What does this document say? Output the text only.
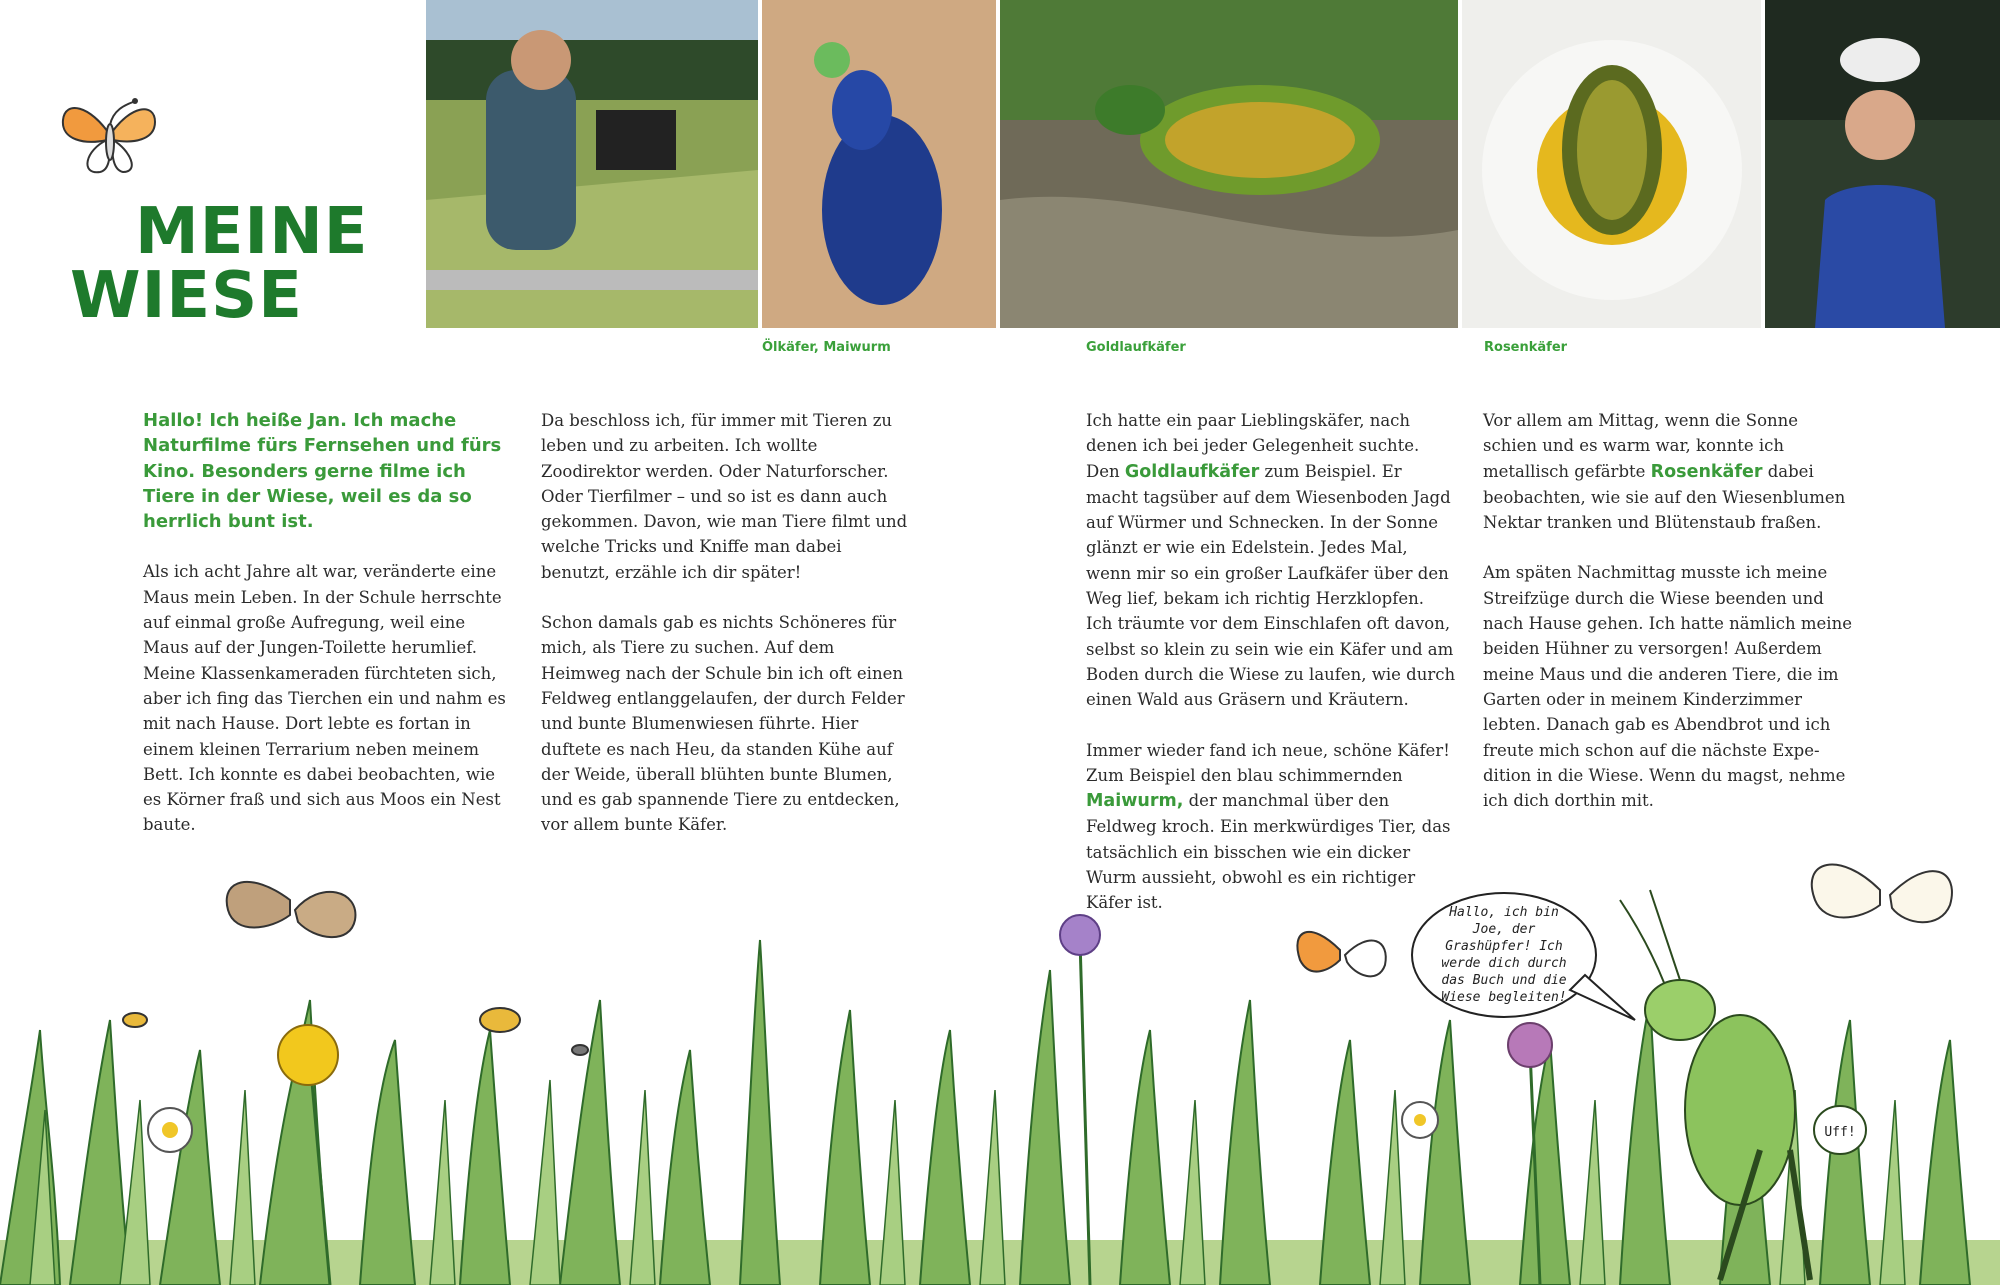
MEINE
WIESE
Ölkäfer, Maiwurm	Goldlaufkäfer	Rosenkäfer

Hallo! Ich heiße Jan. Ich mache Naturfilme fürs Fernsehen und fürs Kino. Besonders gerne filme ich Tiere in der Wiese, weil es da so herrlich bunt ist.

Als ich acht Jahre alt war, veränderte eine Maus mein Leben. In der Schule herrschte auf einmal große Aufregung, weil eine Maus auf der Jungen-Toilette herumlief. Meine Klassenkameraden fürchteten sich, aber ich fing das Tierchen ein und nahm es mit nach Hause. Dort lebte es fortan in einem kleinen Terrarium neben meinem Bett. Ich konnte es dabei beobachten, wie es Körner fraß und sich aus Moos ein Nest baute.

Da beschloss ich, für immer mit Tieren zu leben und zu arbeiten. Ich wollte Zoodirektor werden. Oder Naturforscher. Oder Tierfilmer – und so ist es dann auch gekommen. Davon, wie man Tiere filmt und welche Tricks und Kniffe man dabei benutzt, erzähle ich dir später!

Schon damals gab es nichts Schöneres für mich, als Tiere zu suchen. Auf dem Heimweg nach der Schule bin ich oft einen Feldweg entlanggelaufen, der durch Felder und bunte Blumenwiesen führte. Hier duftete es nach Heu, da standen Kühe auf der Weide, überall blühten bunte Blumen, und es gab spannende Tiere zu entdecken, vor allem bunte Käfer.

Ich hatte ein paar Lieblingskäfer, nach denen ich bei jeder Gelegenheit suchte. Den Goldlaufkäfer zum Beispiel. Er macht tagsüber auf dem Wiesenboden Jagd auf Würmer und Schnecken. In der Sonne glänzt er wie ein Edelstein. Jedes Mal, wenn mir so ein großer Laufkäfer über den Weg lief, bekam ich richtig Herzklopfen.
Ich träumte vor dem Einschlafen oft davon, selbst so klein zu sein wie ein Käfer und am Boden durch die Wiese zu laufen, wie durch einen Wald aus Gräsern und Kräutern.

Immer wieder fand ich neue, schöne Käfer! Zum Beispiel den blau schimmernden Maiwurm, der manchmal über den Feldweg kroch. Ein merkwürdiges Tier, das tatsächlich ein bisschen wie ein dicker Wurm aussieht, obwohl es ein richtiger Käfer ist.

Vor allem am Mittag, wenn die Sonne schien und es warm war, konnte ich metallisch gefärbte Rosenkäfer dabei beobachten, wie sie auf den Wiesenblumen Nektar tranken und Blütenstaub fraßen.

Am späten Nachmittag musste ich meine Streifzüge durch die Wiese beenden und nach Hause gehen. Ich hatte nämlich meine beiden Hühner zu versorgen! Außerdem meine Maus und die anderen Tiere, die im Garten oder in meinem Kinderzimmer lebten. Danach gab es Abendbrot und ich freute mich schon auf die nächste Expedition in die Wiese. Wenn du magst, nehme ich dich dorthin mit.

Uff!
Hallo, ich bin Joe, der Grashüpfer! Ich werde dich durch das Buch und die Wiese begleiten!
